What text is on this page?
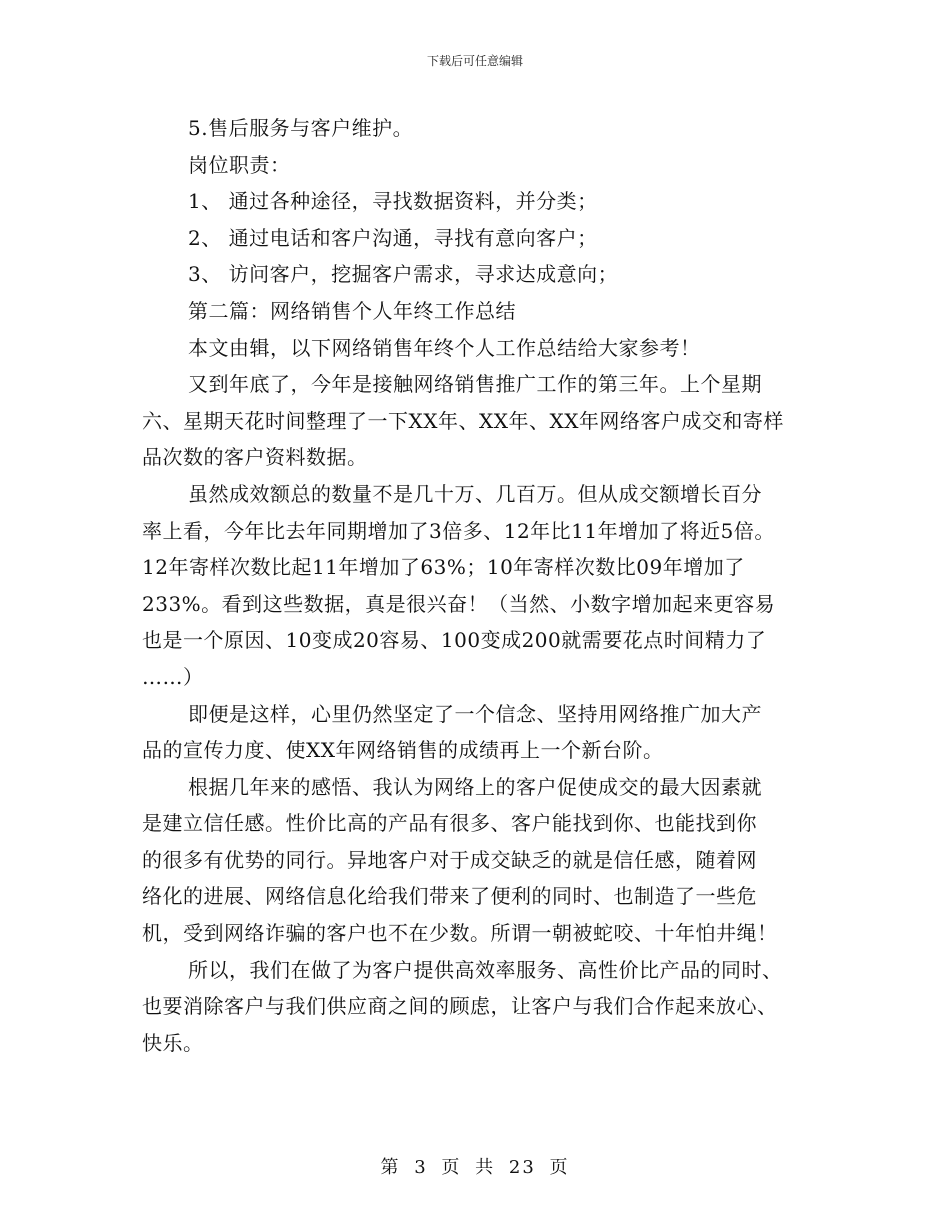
下载后可任意编辑
5.售后服务与客户维护。
岗位职责：
1、 通过各种途径，寻找数据资料，并分类；
2、 通过电话和客户沟通，寻找有意向客户；
3、 访问客户，挖掘客户需求，寻求达成意向；
第二篇：网络销售个人年终工作总结
本文由辑，以下网络销售年终个人工作总结给大家参考！
又到年底了，今年是接触网络销售推广工作的第三年。上个星期
六、星期天花时间整理了一下XX年、XX年、XX年网络客户成交和寄样
品次数的客户资料数据。
虽然成效额总的数量不是几十万、几百万。但从成交额增长百分
率上看，今年比去年同期增加了3倍多、12年比11年增加了将近5倍。
12年寄样次数比起11年增加了63%；10年寄样次数比09年增加了
233%。看到这些数据，真是很兴奋！（当然、小数字增加起来更容易
也是一个原因、10变成20容易、100变成200就需要花点时间精力了
……）
即便是这样，心里仍然坚定了一个信念、坚持用网络推广加大产
品的宣传力度、使XX年网络销售的成绩再上一个新台阶。
根据几年来的感悟、我认为网络上的客户促使成交的最大因素就
是建立信任感。性价比高的产品有很多、客户能找到你、也能找到你
的很多有优势的同行。异地客户对于成交缺乏的就是信任感，随着网
络化的进展、网络信息化给我们带来了便利的同时、也制造了一些危
机，受到网络诈骗的客户也不在少数。所谓一朝被蛇咬、十年怕井绳！
所以，我们在做了为客户提供高效率服务、高性价比产品的同时、
也要消除客户与我们供应商之间的顾虑，让客户与我们合作起来放心、
快乐。
第 3 页 共 23 页
